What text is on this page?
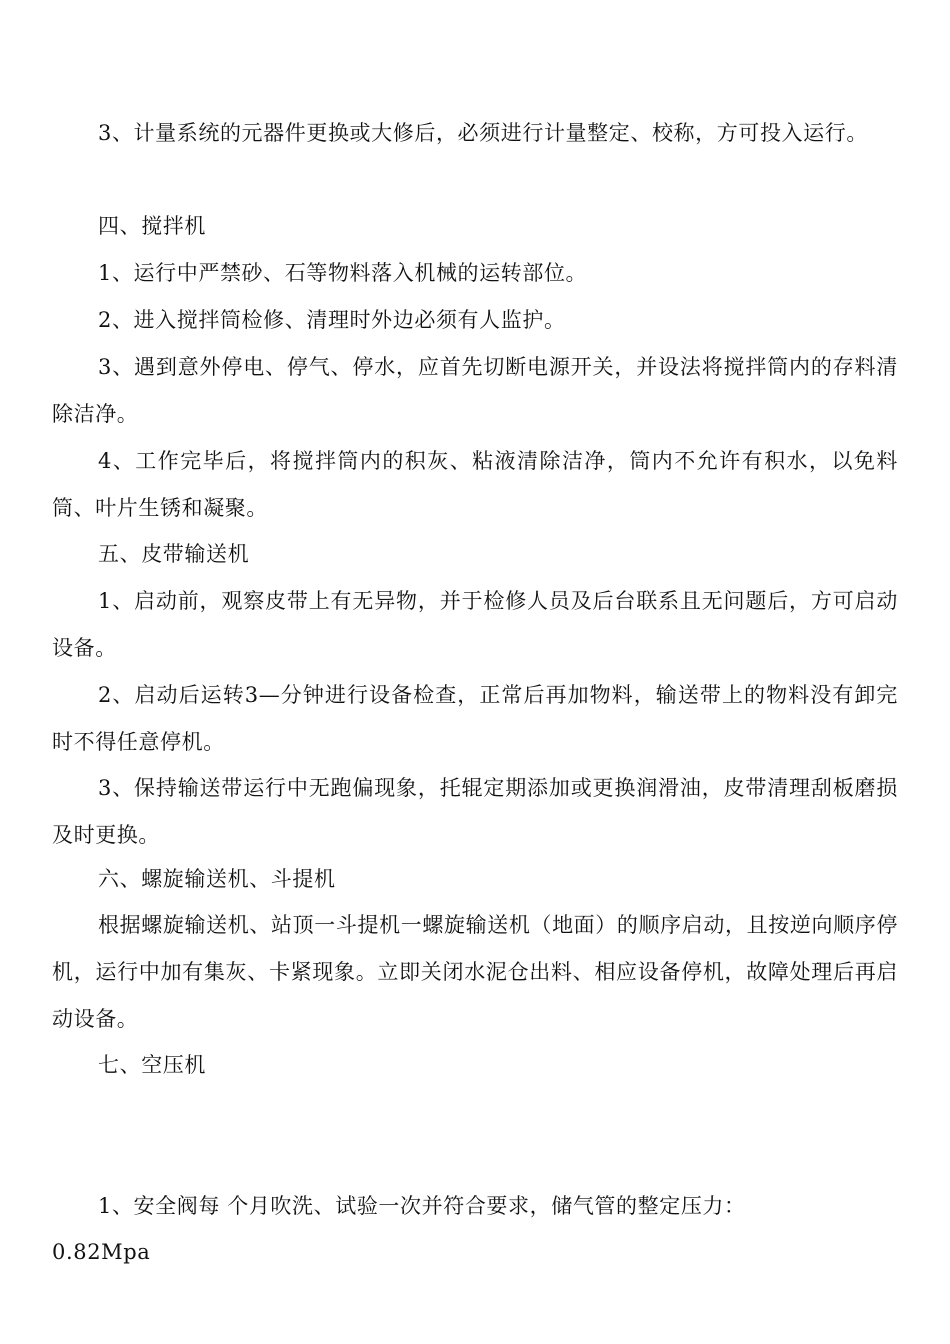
3、计量系统的元器件更换或大修后，必须进行计量整定、校称，方可投入运行。

四、搅拌机

1、运行中严禁砂、石等物料落入机械的运转部位。

2、进入搅拌筒检修、清理时外边必须有人监护。

3、遇到意外停电、停气、停水，应首先切断电源开关，并设法将搅拌筒内的存料清除洁净。

4、工作完毕后，将搅拌筒内的积灰、粘液清除洁净，筒内不允许有积水，以免料筒、叶片生锈和凝聚。

五、皮带输送机

1、启动前，观察皮带上有无异物，并于检修人员及后台联系且无问题后，方可启动设备。

2、启动后运转3—分钟进行设备检查，正常后再加物料，输送带上的物料没有卸完时不得任意停机。

3、保持输送带运行中无跑偏现象，托辊定期添加或更换润滑油，皮带清理刮板磨损及时更换。

六、螺旋输送机、斗提机

根据螺旋输送机、站顶一斗提机一螺旋输送机（地面）的顺序启动，且按逆向顺序停机，运行中加有集灰、卡紧现象。立即关闭水泥仓出料、相应设备停机，故障处理后再启动设备。

七、空压机

1、安全阀每 个月吹洗、试验一次并符合要求，储气管的整定压力：

0.82Mpa
